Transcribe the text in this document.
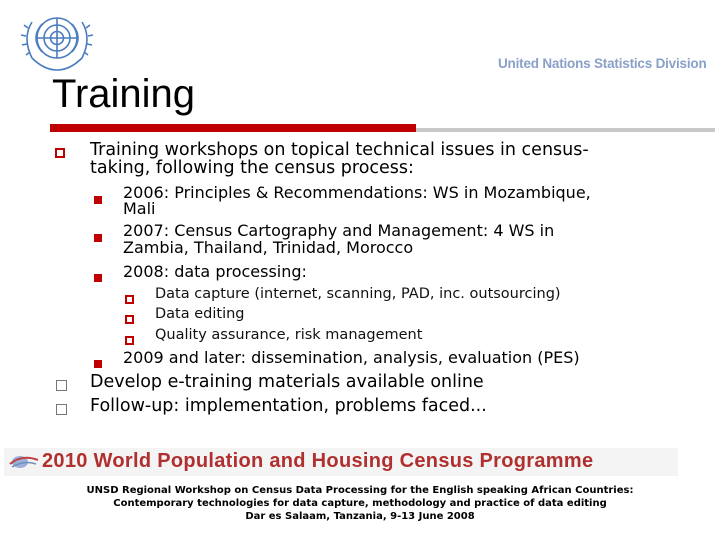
United Nations Statistics Division
Training
Training workshops on topical technical issues in census-
taking, following the census process:
2006: Principles & Recommendations: WS in Mozambique,
Mali
2007: Census Cartography and Management: 4 WS in
Zambia, Thailand, Trinidad, Morocco
2008: data processing:
Data capture (internet, scanning, PAD, inc. outsourcing)
Data editing
Quality assurance, risk management
2009 and later: dissemination, analysis, evaluation (PES)
Develop e-training materials available online
Follow-up: implementation, problems faced...
2010 World Population and Housing Census Programme
UNSD Regional Workshop on Census Data Processing for the English speaking African Countries:
Contemporary technologies for data capture, methodology and practice of data editing
Dar es Salaam, Tanzania, 9-13 June 2008
